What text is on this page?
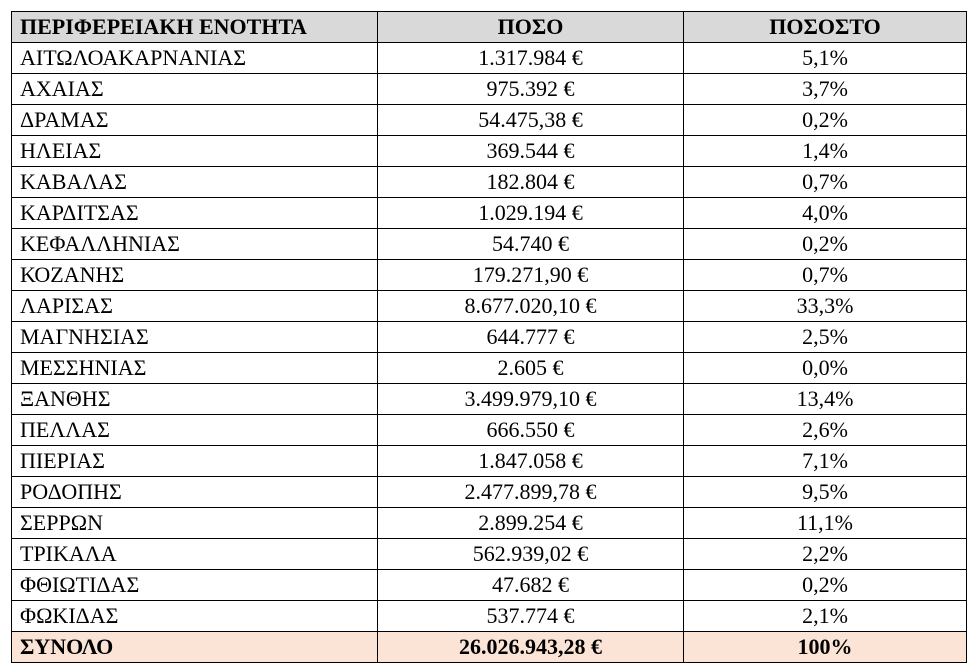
ΠΕΡΙΦΕΡΕΙΑΚΗ ΕΝΟΤΗΤΑ	ΠΟΣΟ	ΠΟΣΟΣΤΟ
ΑΙΤΩΛΟΑΚΑΡΝΑΝΙΑΣ	1.317.984 €	5,1%
ΑΧΑΙΑΣ	975.392 €	3,7%
ΔΡΑΜΑΣ	54.475,38 €	0,2%
ΗΛΕΙΑΣ	369.544 €	1,4%
ΚΑΒΑΛΑΣ	182.804 €	0,7%
ΚΑΡΔΙΤΣΑΣ	1.029.194 €	4,0%
ΚΕΦΑΛΛΗΝΙΑΣ	54.740 €	0,2%
ΚΟΖΑΝΗΣ	179.271,90 €	0,7%
ΛΑΡΙΣΑΣ	8.677.020,10 €	33,3%
ΜΑΓΝΗΣΙΑΣ	644.777 €	2,5%
ΜΕΣΣΗΝΙΑΣ	2.605 €	0,0%
ΞΑΝΘΗΣ	3.499.979,10 €	13,4%
ΠΕΛΛΑΣ	666.550 €	2,6%
ΠΙΕΡΙΑΣ	1.847.058 €	7,1%
ΡΟΔΟΠΗΣ	2.477.899,78 €	9,5%
ΣΕΡΡΩΝ	2.899.254 €	11,1%
ΤΡΙΚΑΛΑ	562.939,02 €	2,2%
ΦΘΙΩΤΙΔΑΣ	47.682 €	0,2%
ΦΩΚΙΔΑΣ	537.774 €	2,1%
ΣΥΝΟΛΟ	26.026.943,28 €	100%
